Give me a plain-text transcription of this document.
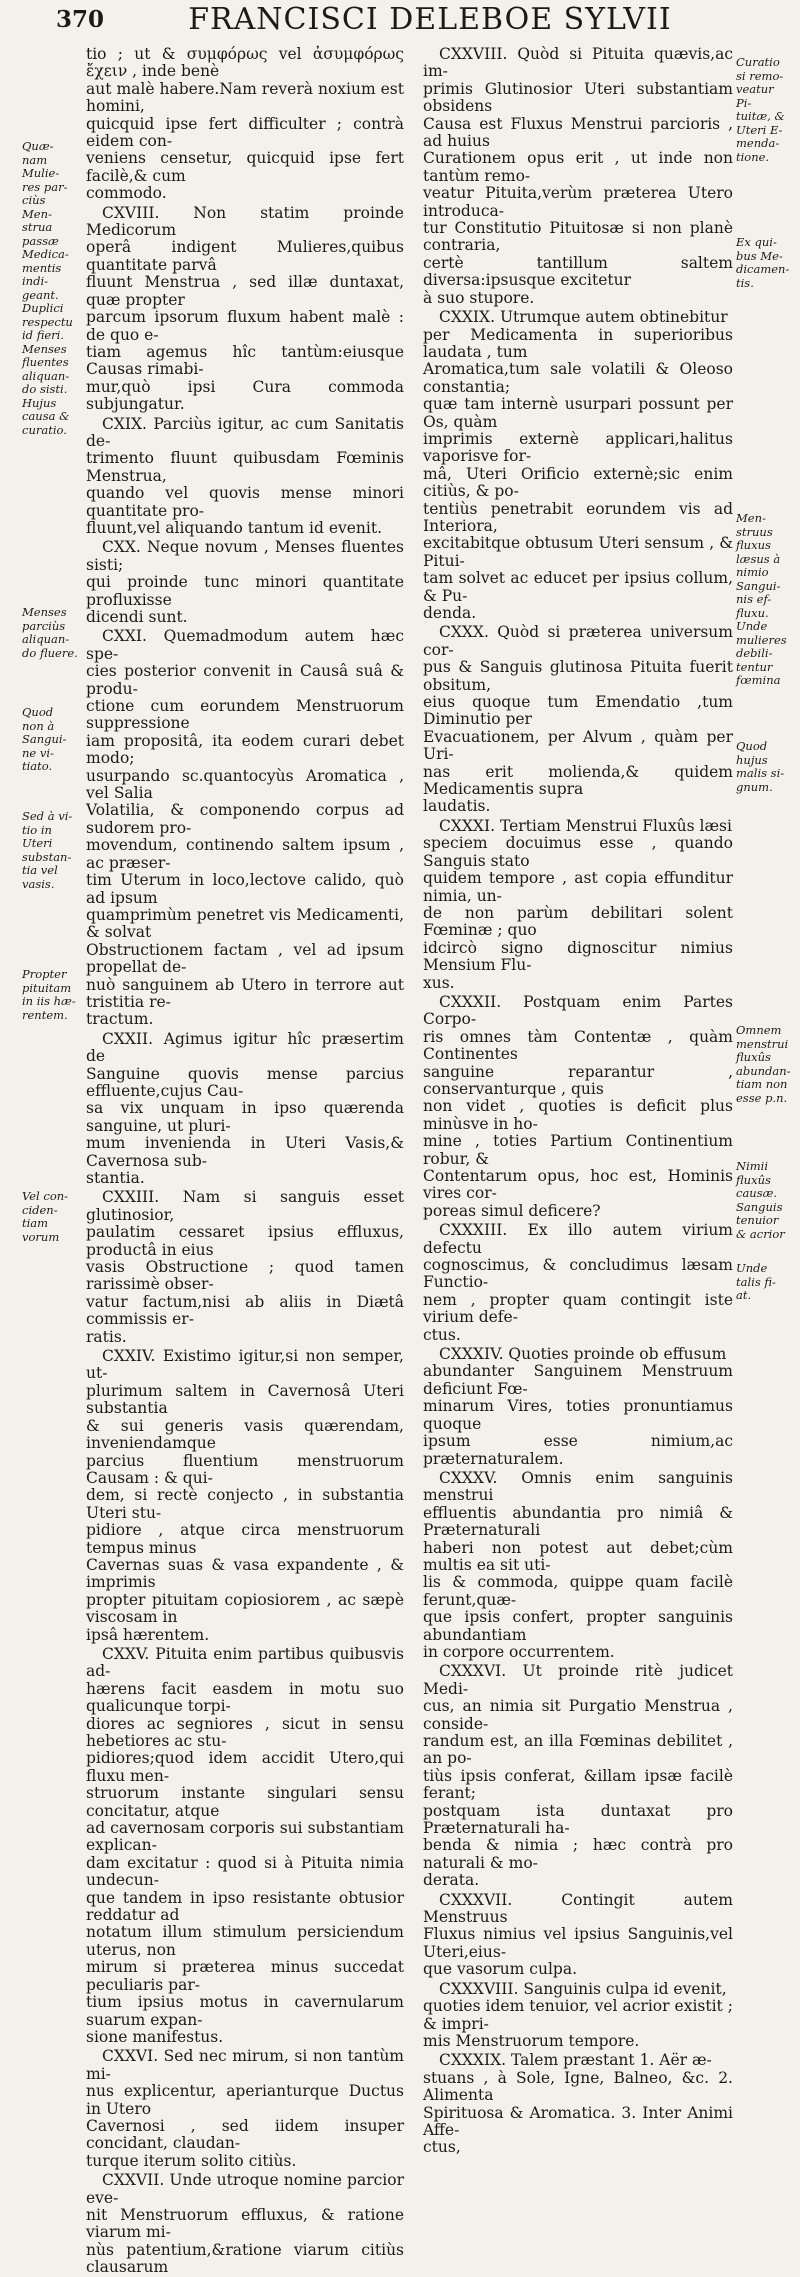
370	FRANCISCI DELEBOE SYLVII

tio ; ut & συμφόρως vel ἀσυμφόρως ἔχειν , inde benè
aut malè habere.Nam reverà noxium est homini,
quicquid ipse fert difficulter ; contrà eidem con-
veniens censetur, quicquid ipse fert facilè,& cum
commodo.

CXVIII. Non statim proinde Medicorum
operâ indigent Mulieres,quibus quantitate parvâ
fluunt Menstrua , sed illæ duntaxat, quæ propter
parcum ipsorum fluxum habent malè : de quo e-
tiam agemus hîc tantùm:eiusque Causas rimabi-
mur,quò ipsi Cura commoda subjungatur.

CXIX. Parciùs igitur, ac cum Sanitatis de-
trimento fluunt quibusdam Fœminis Menstrua,
quando vel quovis mense minori quantitate pro-
fluunt,vel aliquando tantum id evenit.

CXX. Neque novum , Menses fluentes sisti;
qui proinde tunc minori quantitate profluxisse
dicendi sunt.

CXXI. Quemadmodum autem hæc spe-
cies posterior convenit in Causâ suâ & produ-
ctione cum eorundem Menstruorum suppressione
iam propositâ, ita eodem curari debet modo;
usurpando sc.quantocyùs Aromatica , vel Salia
Volatilia, & componendo corpus ad sudorem pro-
movendum, continendo saltem ipsum , ac præser-
tim Uterum in loco,lectove calido, quò ad ipsum
quamprimùm penetret vis Medicamenti, & solvat
Obstructionem factam , vel ad ipsum propellat de-
nuò sanguinem ab Utero in terrore aut tristitia re-
tractum.

CXXII. Agimus igitur hîc præsertim de
Sanguine quovis mense parcius effluente,cujus Cau-
sa vix unquam in ipso quærenda sanguine, ut pluri-
mum invenienda in Uteri Vasis,& Cavernosa sub-
stantia.

CXXIII. Nam si sanguis esset glutinosior,
paulatim cessaret ipsius effluxus, productâ in eius
vasis Obstructione ; quod tamen rarissimè obser-
vatur factum,nisi ab aliis in Diætâ commissis er-
ratis.

CXXIV. Existimo igitur,si non semper, ut-
plurimum saltem in Cavernosâ Uteri substantia
& sui generis vasis quærendam, inveniendamque
parcius fluentium menstruorum Causam : & qui-
dem, si rectè conjecto , in substantia Uteri stu-
pidiore , atque circa menstruorum tempus minus
Cavernas suas & vasa expandente , & imprimis
propter pituitam copiosiorem , ac sæpè viscosam in
ipsâ hærentem.

CXXV. Pituita enim partibus quibusvis ad-
hærens facit easdem in motu suo qualicunque torpi-
diores ac segniores , sicut in sensu hebetiores ac stu-
pidiores;quod idem accidit Utero,qui fluxu men-
struorum instante singulari sensu concitatur, atque
ad cavernosam corporis sui substantiam explican-
dam excitatur : quod si à Pituita nimia undecun-
que tandem in ipso resistante obtusior reddatur ad
notatum illum stimulum persiciendum uterus, non
mirum si præterea minus succedat peculiaris par-
tium ipsius motus in cavernularum suarum expan-
sione manifestus.

CXXVI. Sed nec mirum, si non tantùm mi-
nus explicentur, aperianturque Ductus in Utero
Cavernosi , sed iidem insuper concidant, claudan-
turque iterum solito citiùs.

CXXVII. Unde utroque nomine parcior eve-
nit Menstruorum effluxus, & ratione viarum mi-
nùs patentium,&ratione viarum citiùs clausarum

CXXVIII. Quòd si Pituita quævis,ac im-
primis Glutinosior Uteri substantiam obsidens
Causa est Fluxus Menstrui parcioris , ad huius
Curationem opus erit , ut inde non tantùm remo-
veatur Pituita,verùm præterea Utero introduca-
tur Constitutio Pituitosæ si non planè contraria,
certè tantillum saltem diversa:ipsusque excitetur
à suo stupore.

CXXIX. Utrumque autem obtinebitur
per Medicamenta in superioribus laudata , tum
Aromatica,tum sale volatili & Oleoso constantia;
quæ tam internè usurpari possunt per Os, quàm
imprimis externè applicari,halitus vaporisve for-
mâ, Uteri Orificio externè;sic enim citiùs, & po-
tentiùs penetrabit eorundem vis ad Interiora,
excitabitque obtusum Uteri sensum , & Pitui-
tam solvet ac educet per ipsius collum, & Pu-
denda.

CXXX. Quòd si præterea universum cor-
pus & Sanguis glutinosa Pituita fuerit obsitum,
eius quoque tum Emendatio ,tum Diminutio per
Evacuationem, per Alvum , quàm per Uri-
nas erit molienda,& quidem Medicamentis supra
laudatis.

CXXXI. Tertiam Menstrui Fluxûs læsi
speciem docuimus esse , quando Sanguis stato
quidem tempore , ast copia effunditur nimia, un-
de non parùm debilitari solent Fœminæ ; quo
idcircò signo dignoscitur nimius Mensium Flu-
xus.

CXXXII. Postquam enim Partes Corpo-
ris omnes tàm Contentæ , quàm Continentes
sanguine reparantur , conservanturque , quis
non videt , quoties is deficit plus minùsve in ho-
mine , toties Partium Continentium robur, &
Contentarum opus, hoc est, Hominis vires cor-
poreas simul deficere?

CXXXIII. Ex illo autem virium defectu
cognoscimus, & concludimus læsam Functio-
nem , propter quam contingit iste virium defe-
ctus.

CXXXIV. Quoties proinde ob effusum
abundanter Sanguinem Menstruum deficiunt Fœ-
minarum Vires, toties pronuntiamus quoque
ipsum esse nimium,ac præternaturalem.

CXXXV. Omnis enim sanguinis menstrui
effluentis abundantia pro nimiâ & Præternaturali
haberi non potest aut debet;cùm multis ea sit uti-
lis & commoda, quippe quam facilè ferunt,quæ-
que ipsis confert, propter sanguinis abundantiam
in corpore occurrentem.

CXXXVI. Ut proinde ritè judicet Medi-
cus, an nimia sit Purgatio Menstrua , conside-
randum est, an illa Fœminas debilitet , an po-
tiùs ipsis conferat, &illam ipsæ facilè ferant;
postquam ista duntaxat pro Præternaturali ha-
benda & nimia ; hæc contrà pro naturali & mo-
derata.

CXXXVII. Contingit autem Menstruus
Fluxus nimius vel ipsius Sanguinis,vel Uteri,eius-
que vasorum culpa.

CXXXVIII. Sanguinis culpa id evenit,
quoties idem tenuior, vel acrior existit ; & impri-
mis Menstruorum tempore.

CXXXIX. Talem præstant 1. Aër æ-
stuans , à Sole, Igne, Balneo, &c. 2. Alimenta
Spirituosa & Aromatica. 3. Inter Animi Affe-
ctus,

Quæ-
nam
Mulie-
res par-
ciùs
Men-
strua
passæ
Medica-
mentis
indi-
geant.
Duplici
respectu
id fieri.
Menses
fluentes
aliquan-
do sisti.
Hujus
causa &
curatio.
Menses
parciùs
aliquan-
do fluere.
Quod
non à
Sangui-
ne vi-
tiato.
Sed à vi-
tio in
Uteri
substan-
tia vel
vasis.
Propter
pituitam
in iis hæ-
rentem.
Vel con-
ciden-
tiam
vorum
Curatio
si remo-
veatur Pi-
tuitæ, &
Uteri E-
menda-
tione.
Ex qui-
bus Me-
dicamen-
tis.
Men-
struus
fluxus
læsus à
nimio
Sangui-
nis ef-
fluxu.
Unde
mulieres
debili-
tentur
fœmina
Quod
hujus
malis si-
gnum.
Omnem
menstrui
fluxûs
abundan-
tiam non
esse p.n.
Nimii
fluxûs
causæ.
Sanguis
tenuior
& acrior
Unde
talis fi-
at.
